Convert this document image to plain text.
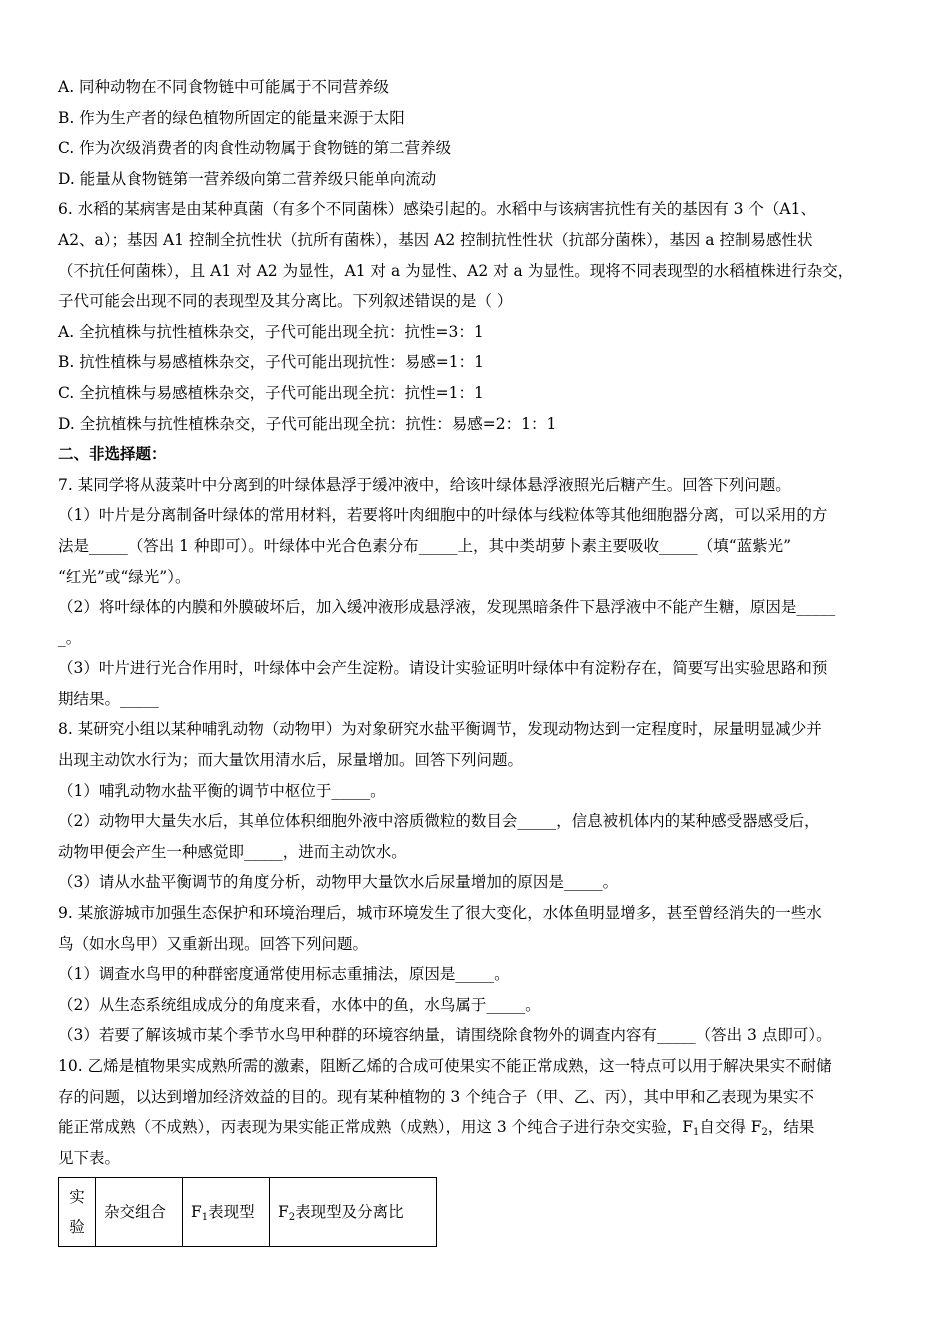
A. 同种动物在不同食物链中可能属于不同营养级

B. 作为生产者的绿色植物所固定的能量来源于太阳

C. 作为次级消费者的肉食性动物属于食物链的第二营养级

D. 能量从食物链第一营养级向第二营养级只能单向流动

6. 水稻的某病害是由某种真菌（有多个不同菌株）感染引起的。水稻中与该病害抗性有关的基因有 3 个（A1、

A2、a）；基因 A1 控制全抗性状（抗所有菌株），基因 A2 控制抗性性状（抗部分菌株），基因 a 控制易感性状

（不抗任何菌株），且 A1 对 A2 为显性，A1 对 a 为显性、A2 对 a 为显性。现将不同表现型的水稻植株进行杂交，

子代可能会出现不同的表现型及其分离比。下列叙述错误的是（ ）

A. 全抗植株与抗性植株杂交，子代可能出现全抗：抗性=3：1

B. 抗性植株与易感植株杂交，子代可能出现抗性：易感=1：1

C. 全抗植株与易感植株杂交，子代可能出现全抗：抗性=1：1

D. 全抗植株与抗性植株杂交，子代可能出现全抗：抗性：易感=2：1：1

二、非选择题：

7. 某同学将从菠菜叶中分离到的叶绿体悬浮于缓冲液中，给该叶绿体悬浮液照光后糖产生。回答下列问题。

（1）叶片是分离制备叶绿体的常用材料，若要将叶肉细胞中的叶绿体与线粒体等其他细胞器分离，可以采用的方

法是_____（答出 1 种即可）。叶绿体中光合色素分布_____上，其中类胡萝卜素主要吸收_____（填“蓝紫光”

“红光”或“绿光”）。

（2）将叶绿体的内膜和外膜破坏后，加入缓冲液形成悬浮液，发现黑暗条件下悬浮液中不能产生糖，原因是_____

_。

（3）叶片进行光合作用时，叶绿体中会产生淀粉。请设计实验证明叶绿体中有淀粉存在，简要写出实验思路和预

期结果。_____

8. 某研究小组以某种哺乳动物（动物甲）为对象研究水盐平衡调节，发现动物达到一定程度时，尿量明显减少并

出现主动饮水行为；而大量饮用清水后，尿量增加。回答下列问题。

（1）哺乳动物水盐平衡的调节中枢位于_____。

（2）动物甲大量失水后，其单位体积细胞外液中溶质微粒的数目会_____，信息被机体内的某种感受器感受后，

动物甲便会产生一种感觉即_____，进而主动饮水。

（3）请从水盐平衡调节的角度分析，动物甲大量饮水后尿量增加的原因是_____。

9. 某旅游城市加强生态保护和环境治理后，城市环境发生了很大变化，水体鱼明显增多，甚至曾经消失的一些水

鸟（如水鸟甲）又重新出现。回答下列问题。

（1）调查水鸟甲的种群密度通常使用标志重捕法，原因是_____。

（2）从生态系统组成成分的角度来看，水体中的鱼，水鸟属于_____。

（3）若要了解该城市某个季节水鸟甲种群的环境容纳量，请围绕除食物外的调查内容有_____（答出 3 点即可）。

10. 乙烯是植物果实成熟所需的激素，阻断乙烯的合成可使果实不能正常成熟，这一特点可以用于解决果实不耐储

存的问题，以达到增加经济效益的目的。现有某种植物的 3 个纯合子（甲、乙、丙），其中甲和乙表现为果实不

能正常成熟（不成熟），丙表现为果实能正常成熟（成熟），用这 3 个纯合子进行杂交实验，$F_1$自交得 $F_2$，结果

见下表。

实
验
	杂交组合	$F_1$表现型	$F_2$表现型及分离比
